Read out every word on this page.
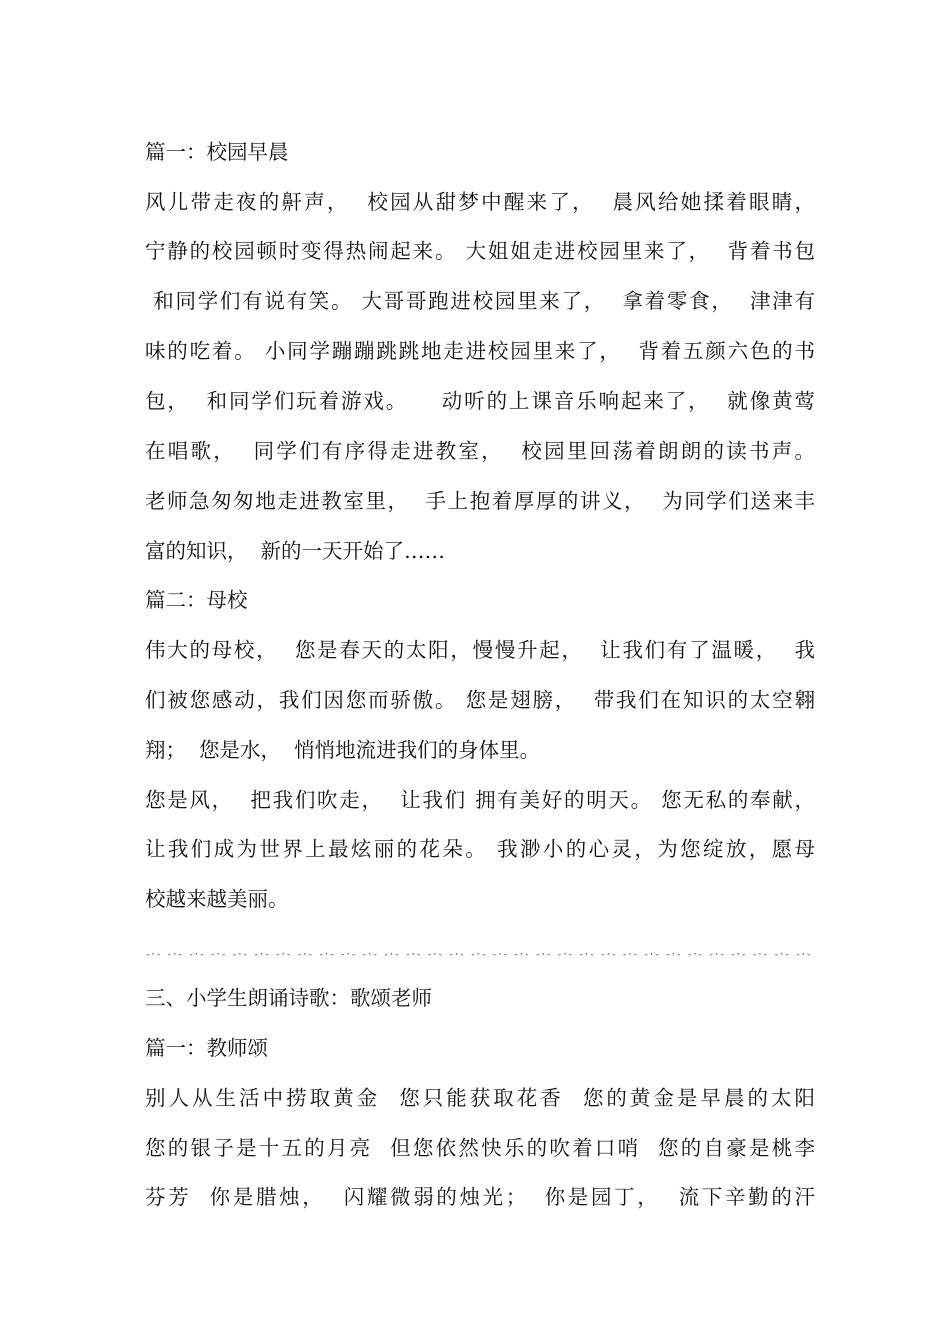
篇一：校园早晨
风儿带走夜的鼾声，  校园从甜梦中醒来了，  晨风给她揉着眼睛，
宁静的校园顿时变得热闹起来。 大姐姐走进校园里来了，  背着书包
和同学们有说有笑。 大哥哥跑进校园里来了，  拿着零食，  津津有
味的吃着。 小同学蹦蹦跳跳地走进校园里来了，  背着五颜六色的书
包，  和同学们玩着游戏。    动听的上课音乐响起来了，  就像黄莺
在唱歌，  同学们有序得走进教室，  校园里回荡着朗朗的读书声。
老师急匆匆地走进教室里，  手上抱着厚厚的讲义，  为同学们送来丰
富的知识，  新的一天开始了……
篇二：母校
伟大的母校，  您是春天的太阳，慢慢升起，  让我们有了温暖，  我
们被您感动，我们因您而骄傲。 您是翅膀，  带我们在知识的太空翱
翔；  您是水，  悄悄地流进我们的身体里。
您是风，  把我们吹走，  让我们 拥有美好的明天。 您无私的奉献，
让我们成为世界上最炫丽的花朵。 我渺小的心灵，为您绽放，愿母
校越来越美丽。
-·- -·- -·- -·- -·- -·- -·- -·- -·- -·- -·- -·- -·- -·- -·- -·- -·- -·- -·- -·- -·- -·- -·- -·- -·- -·- -·- -·- -·- -·- -·-
三、小学生朗诵诗歌：歌颂老师
篇一：教师颂
别人从生活中捞取黄金  您只能获取花香  您的黄金是早晨的太阳
您的银子是十五的月亮  但您依然快乐的吹着口哨  您的自豪是桃李
芬芳  你是腊烛，  闪耀微弱的烛光；  你是园丁，  流下辛勤的汗
